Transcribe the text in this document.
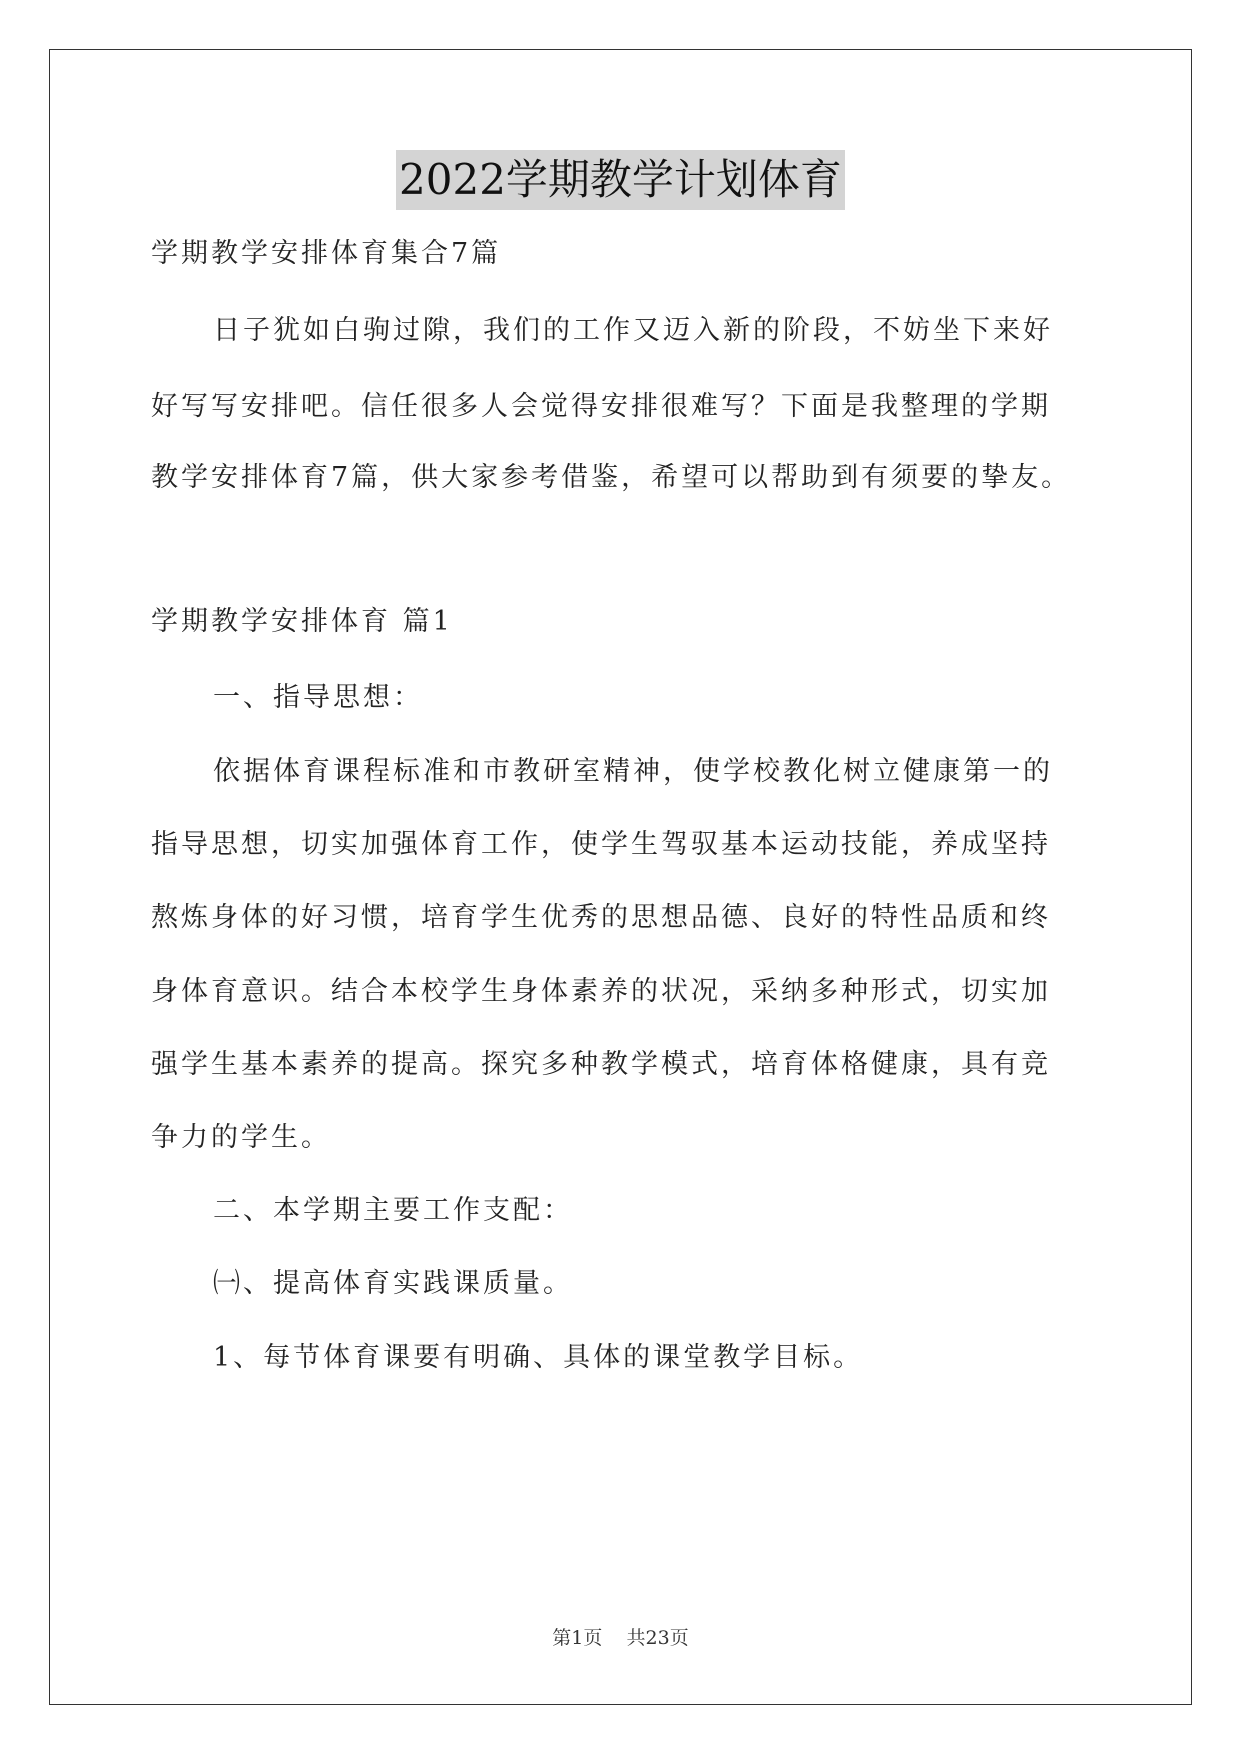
2022学期教学计划体育
学期教学安排体育集合7篇
日子犹如白驹过隙，我们的工作又迈入新的阶段，不妨坐下来好
好写写安排吧。信任很多人会觉得安排很难写？下面是我整理的学期
教学安排体育7篇，供大家参考借鉴，希望可以帮助到有须要的挚友。
学期教学安排体育 篇1
一、指导思想：
依据体育课程标准和市教研室精神，使学校教化树立健康第一的
指导思想，切实加强体育工作，使学生驾驭基本运动技能，养成坚持
熬炼身体的好习惯，培育学生优秀的思想品德、良好的特性品质和终
身体育意识。结合本校学生身体素养的状况，采纳多种形式，切实加
强学生基本素养的提高。探究多种教学模式，培育体格健康，具有竞
争力的学生。
二、本学期主要工作支配：
㈠、提高体育实践课质量。
1、每节体育课要有明确、具体的课堂教学目标。
第1页    共23页
